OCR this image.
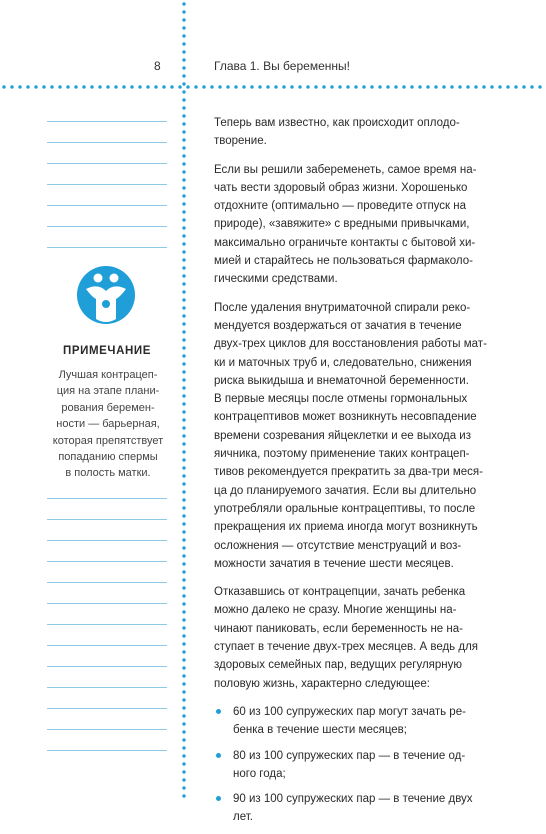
8	Глава 1. Вы беременны!
ПРИМЕЧАНИЕ
Лучшая контрацеп-
ция на этапе плани-
рования беремен-
ности — барьерная,
которая препятствует
попаданию спермы
в полость матки.

Теперь вам известно, как происходит оплодо-
творение.

Если вы решили забеременеть, самое время на-
чать вести здоровый образ жизни. Хорошенько
отдохните (оптимально — проведите отпуск на
природе), «завяжите» с вредными привычками,
максимально ограничьте контакты с бытовой хи-
мией и старайтесь не пользоваться фармаколо-
гическими средствами.

После удаления внутриматочной спирали реко-
мендуется воздержаться от зачатия в течение
двух-трех циклов для восстановления работы мат-
ки и маточных труб и, следовательно, снижения
риска выкидыша и внематочной беременности.
В первые месяцы после отмены гормональных
контрацептивов может возникнуть несовпадение
времени созревания яйцеклетки и ее выхода из
яичника, поэтому применение таких контрацеп-
тивов рекомендуется прекратить за два-три меся-
ца до планируемого зачатия. Если вы длительно
употребляли оральные контрацептивы, то после
прекращения их приема иногда могут возникнуть
осложнения — отсутствие менструаций и воз-
можности зачатия в течение шести месяцев.

Отказавшись от контрацепции, зачать ребенка
можно далеко не сразу. Многие женщины на-
чинают паниковать, если беременность не на-
ступает в течение двух-трех месяцев. А ведь для
здоровых семейных пар, ведущих регулярную
половую жизнь, характерно следующее:

60 из 100 супружеских пар могут зачать ре-
бенка в течение шести месяцев;
80 из 100 супружеских пар — в течение од-
ного года;
90 из 100 супружеских пар — в течение двух
лет.
